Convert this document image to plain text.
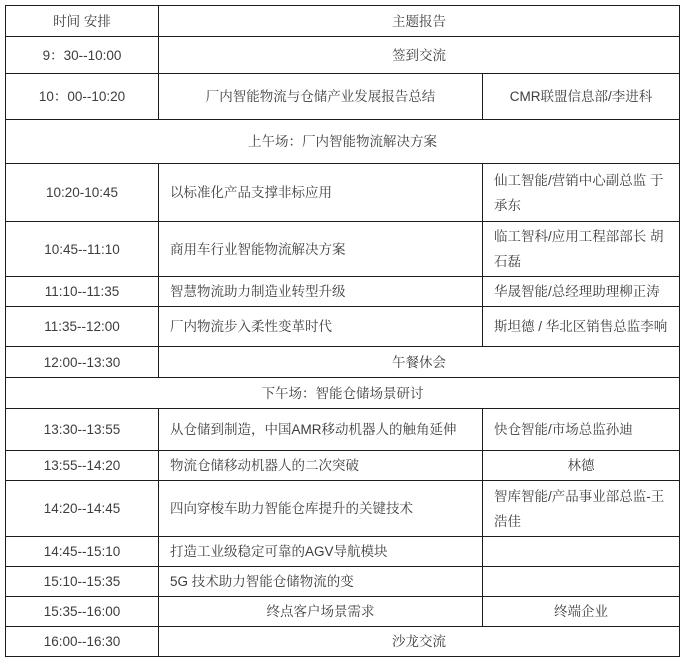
时间 安排	主题报告	
9：30--10:00	签到交流	
10：00--10:20	厂内智能物流与仓储产业发展报告总结	CMR联盟信息部/李进科
上午场：厂内智能物流解决方案		
10:20-10:45	以标准化产品支撑非标应用	仙工智能/营销中心副总监 于承东
10:45--11:10	商用车行业智能物流解决方案	临工智科/应用工程部部长 胡石磊
11:10--11:35	智慧物流助力制造业转型升级	华晟智能/总经理助理柳正涛
11:35--12:00	厂内物流步入柔性变革时代	斯坦德 / 华北区销售总监李响
12:00--13:30	午餐休会	
下午场：智能仓储场景研讨		
13:30--13:55	从仓储到制造，中国AMR移动机器人的触角延伸	快仓智能/市场总监孙迪
13:55--14:20	物流仓储移动机器人的二次突破	林德
14:20--14:45	四向穿梭车助力智能仓库提升的关键技术	智库智能/产品事业部总监-王浩佳
14:45--15:10	打造工业级稳定可靠的AGV导航模块	
15:10--15:35	5G 技术助力智能仓储物流的变	
15:35--16:00	终点客户场景需求	终端企业
16:00--16:30	沙龙交流	
